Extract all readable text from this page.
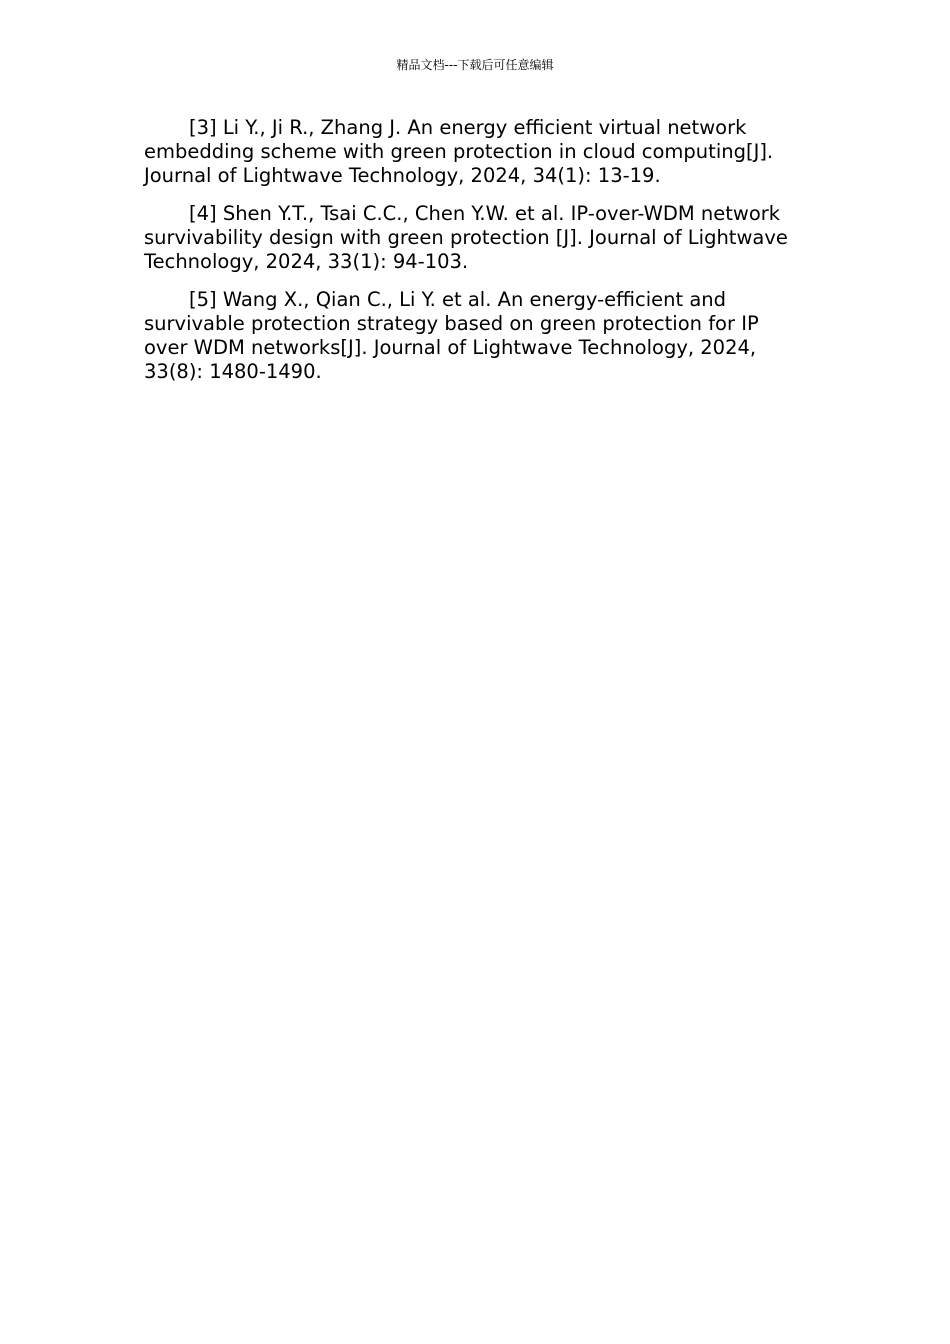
精品文档---下载后可任意编辑

[3] Li Y., Ji R., Zhang J. An energy efficient virtual network embedding scheme with green protection in cloud computing[J]. Journal of Lightwave Technology, 2024, 34(1): 13-19.

[4] Shen Y.T., Tsai C.C., Chen Y.W. et al. IP-over-WDM network survivability design with green protection [J]. Journal of Lightwave Technology, 2024, 33(1): 94-103.

[5] Wang X., Qian C., Li Y. et al. An energy-efficient and survivable protection strategy based on green protection for IP over WDM networks[J]. Journal of Lightwave Technology, 2024, 33(8): 1480-1490.
